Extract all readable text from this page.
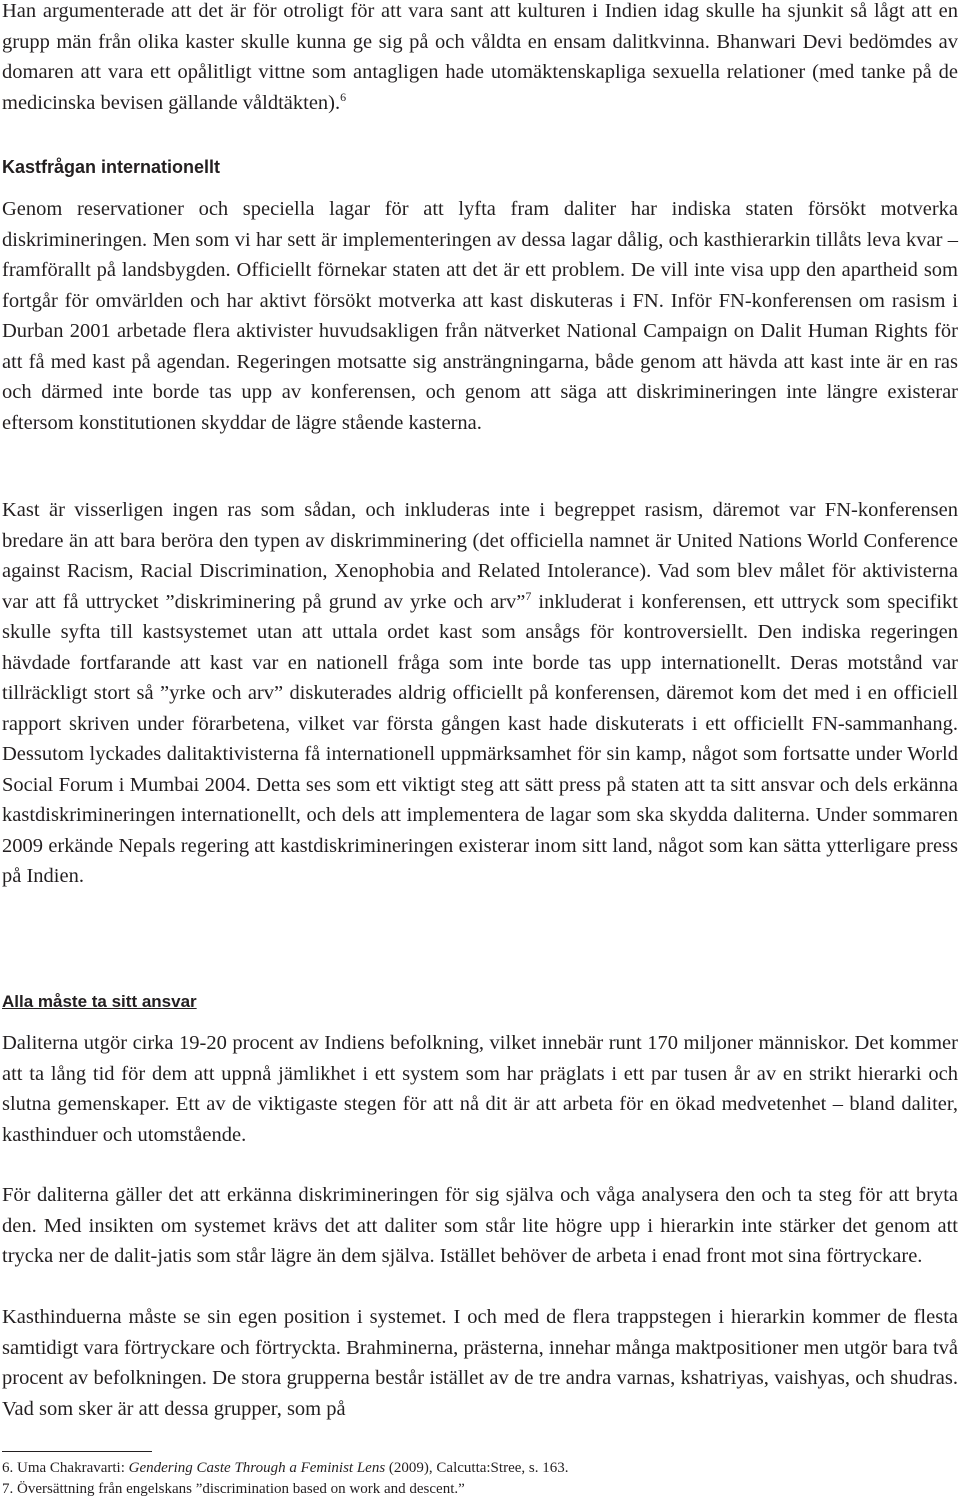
Han argumenterade att det är för otroligt för att vara sant att kulturen i Indien idag skulle ha sjunkit så lågt att en grupp män från olika kaster skulle kunna ge sig på och våldta en ensam dalitkvinna. Bhanwari Devi bedömdes av domaren att vara ett opålitligt vittne som antagligen hade utomäktenskapliga sexuella relationer (med tanke på de medicinska bevisen gällande våldtäkten).$^6$

Kastfrågan internationellt

Genom reservationer och speciella lagar för att lyfta fram daliter har indiska staten försökt motverka diskrimineringen. Men som vi har sett är implementeringen av dessa lagar dålig, och kasthierarkin tillåts leva kvar – framförallt på landsbygden. Officiellt förnekar staten att det är ett problem. De vill inte visa upp den apartheid som fortgår för omvärlden och har aktivt försökt motverka att kast diskuteras i FN. Inför FN-konferensen om rasism i Durban 2001 arbetade flera aktivister huvudsakligen från nätverket National Campaign on Dalit Human Rights för att få med kast på agendan. Regeringen motsatte sig ansträngningarna, både genom att hävda att kast inte är en ras och därmed inte borde tas upp av konferensen, och genom att säga att diskrimineringen inte längre existerar eftersom konstitutionen skyddar de lägre stående kasterna.

Kast är visserligen ingen ras som sådan, och inkluderas inte i begreppet rasism, däremot var FN-konferensen bredare än att bara beröra den typen av diskrimminering (det officiella namnet är United Nations World Conference against Racism, Racial Discrimination, Xenophobia and Related Intolerance). Vad som blev målet för aktivisterna var att få uttrycket ”diskriminering på grund av yrke och arv”$^7$ inkluderat i konferensen, ett uttryck som specifikt skulle syfta till kastsystemet utan att uttala ordet kast som ansågs för kontroversiellt. Den indiska regeringen hävdade fortfarande att kast var en nationell fråga som inte borde tas upp internationellt. Deras motstånd var tillräckligt stort så ”yrke och arv” diskuterades aldrig officiellt på konferensen, däremot kom det med i en officiell rapport skriven under förarbetena, vilket var första gången kast hade diskuterats i ett officiellt FN-sammanhang. Dessutom lyckades dalitaktivisterna få internationell uppmärksamhet för sin kamp, något som fortsatte under World Social Forum i Mumbai 2004. Detta ses som ett viktigt steg att sätt press på staten att ta sitt ansvar och dels erkänna kastdiskrimineringen internationellt, och dels att implementera de lagar som ska skydda daliterna. Under sommaren 2009 erkände Nepals regering att kastdiskrimineringen existerar inom sitt land, något som kan sätta ytterligare press på Indien.

Alla måste ta sitt ansvar

Daliterna utgör cirka 19-20 procent av Indiens befolkning, vilket innebär runt 170 miljoner människor. Det kommer att ta lång tid för dem att uppnå jämlikhet i ett system som har präglats i ett par tusen år av en strikt hierarki och slutna gemenskaper. Ett av de viktigaste stegen för att nå dit är att arbeta för en ökad medvetenhet – bland daliter, kasthinduer och utomstående.

För daliterna gäller det att erkänna diskrimineringen för sig själva och våga analysera den och ta steg för att bryta den. Med insikten om systemet krävs det att daliter som står lite högre upp i hierarkin inte stärker det genom att trycka ner de dalit-jatis som står lägre än dem själva. Istället behöver de arbeta i enad front mot sina förtryckare.

Kasthinduerna måste se sin egen position i systemet. I och med de flera trappstegen i hierarkin kommer de flesta samtidigt vara förtryckare och förtryckta. Brahminerna, prästerna, innehar många maktpositioner men utgör bara två procent av befolkningen. De stora grupperna består istället av de tre andra varnas, kshatriyas, vaishyas, och shudras. Vad som sker är att dessa grupper, som på

6. Uma Chakravarti: Gendering Caste Through a Feminist Lens (2009), Calcutta:Stree, s. 163.

7. Översättning från engelskans ”discrimination based on work and descent.”
